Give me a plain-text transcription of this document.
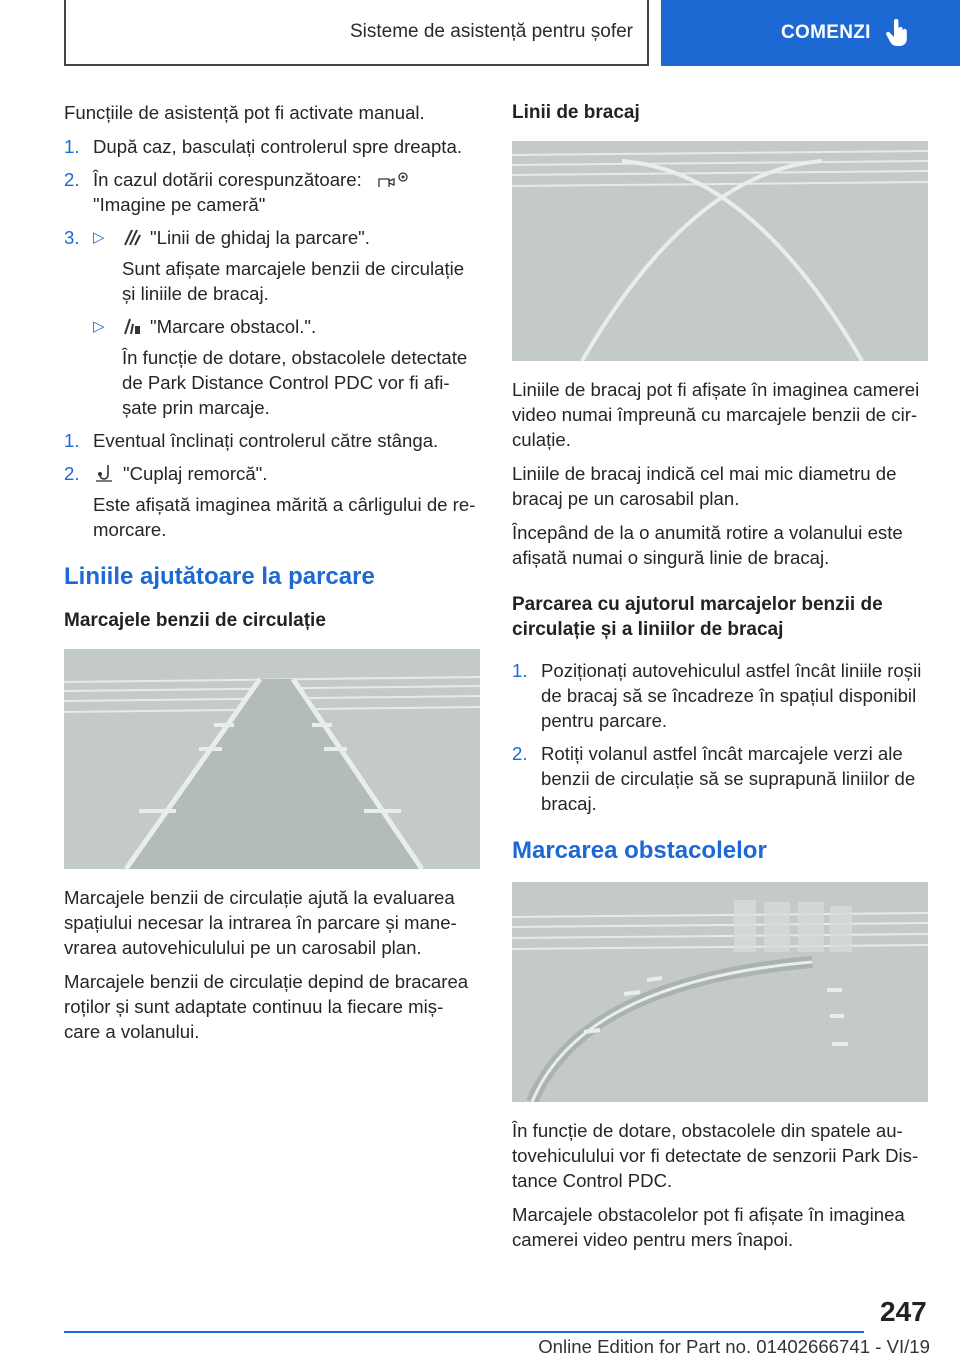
Sisteme de asistență pentru șofer	COMENZI

Funcțiile de asistență pot fi activate manual.

1. După caz, basculați controlerul spre dreapta.
2. În cazul dotării corespunzătoare:
"Imagine pe cameră"
3. ▷	"Linii de ghidaj la parcare".
Sunt afișate marcajele benzii de circulație și liniile de bracaj.
▷	"Marcare obstacol.".
În funcție de dotare, obstacolele detectate de Park Distance Control PDC vor fi afi‐ șate prin marcaje.
1. Eventual înclinați controlerul către stânga.
2.	"Cuplaj remorcă".
Este afișată imaginea mărită a cârligului de re‐ morcare.
Liniile ajutătoare la parcare
Marcajele benzii de circulație

Marcajele benzii de circulație ajută la evaluarea spațiului necesar la intrarea în parcare și mane‐ vrarea autovehiculului pe un carosabil plan.

Marcajele benzii de circulație depind de bracarea roților și sunt adaptate continuu la fiecare miș‐ care a volanului.

Linii de bracaj

Liniile de bracaj pot fi afișate în imaginea camerei video numai împreună cu marcajele benzii de cir‐ culație.

Liniile de bracaj indică cel mai mic diametru de bracaj pe un carosabil plan.

Începând de la o anumită rotire a volanului este afișată numai o singură linie de bracaj.

Parcarea cu ajutorul marcajelor benzii de circulație și a liniilor de bracaj
1. Poziționați autovehiculul astfel încât liniile roșii de bracaj să se încadreze în spațiul disponibil pentru parcare.
2. Rotiți volanul astfel încât marcajele verzi ale benzii de circulație să se suprapună liniilor de bracaj.
Marcarea obstacolelor

În funcție de dotare, obstacolele din spatele au‐ tovehiculului vor fi detectate de senzorii Park Dis‐ tance Control PDC.

Marcajele obstacolelor pot fi afișate în imaginea camerei video pentru mers înapoi.

247
Online Edition for Part no. 01402666741 - VI/19
